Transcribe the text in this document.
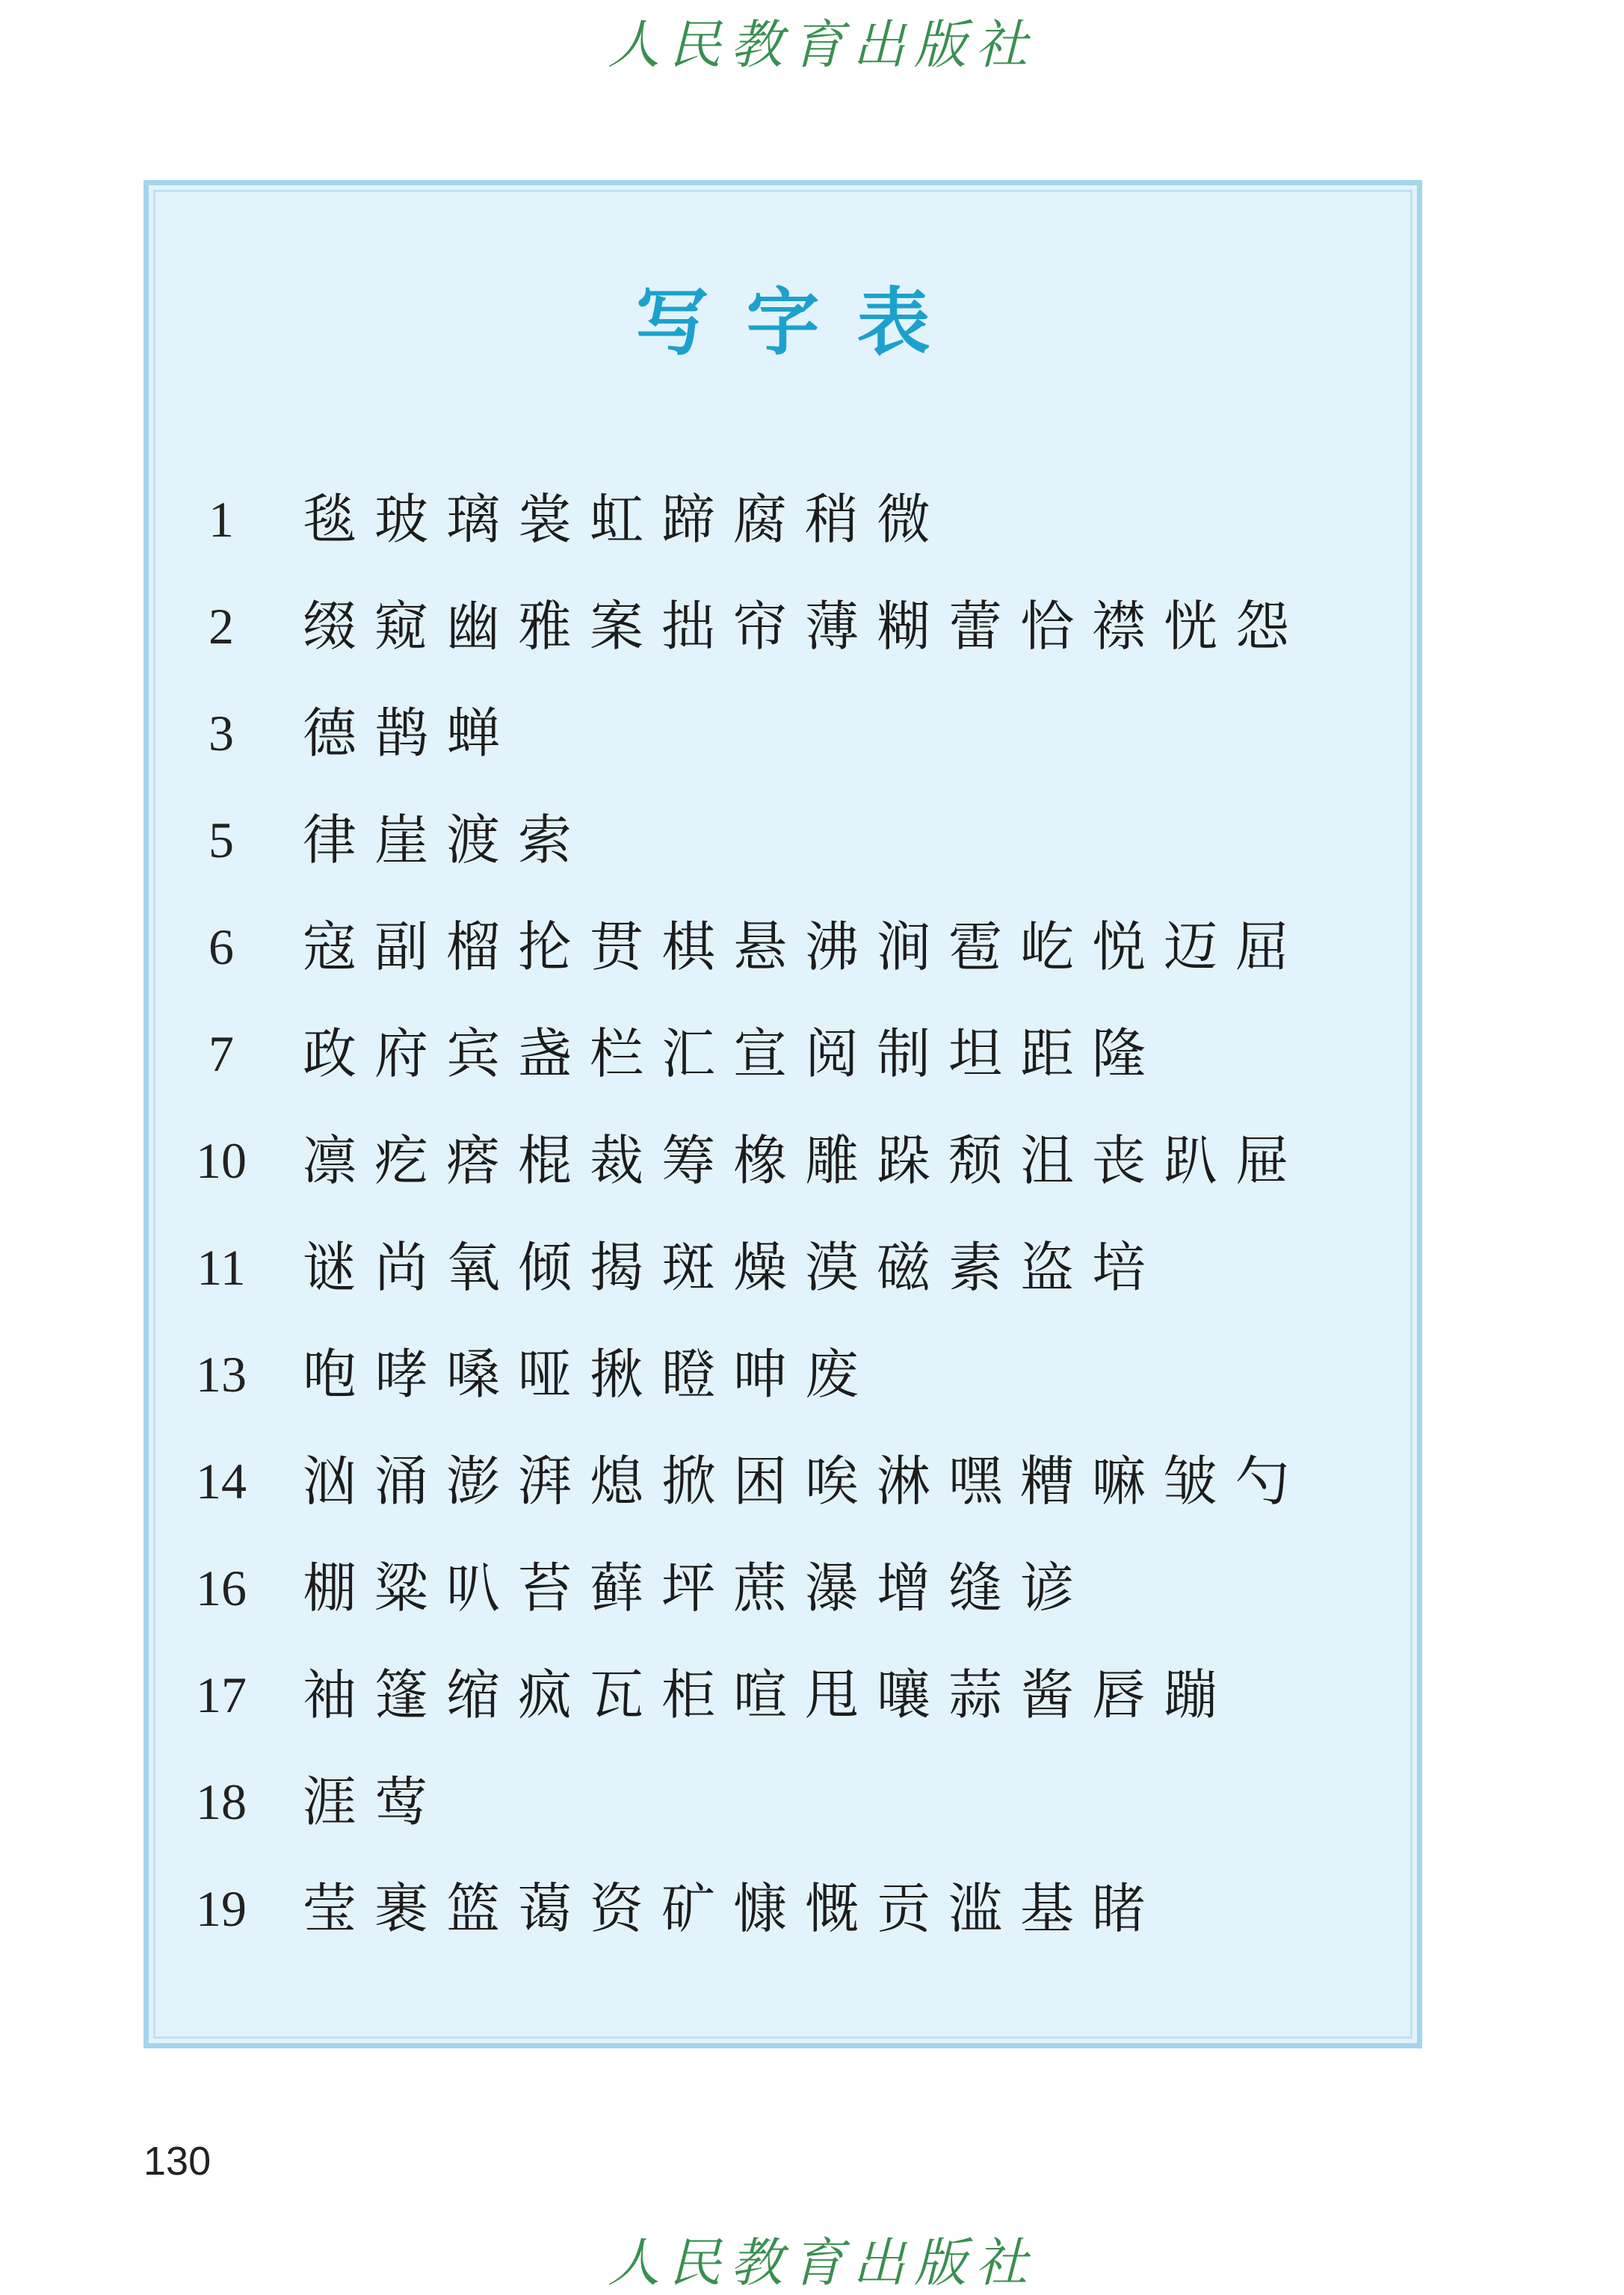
人民教育出版社
写字表
1	毯玻璃裳虹蹄腐稍微
2	缀窥幽雅案拙帘薄糊蕾恰襟恍怨
3	德鹊蝉
5	律崖渡索
6	寇副榴抡贯棋悬沸涧雹屹悦迈屈
7	政府宾盏栏汇宣阅制坦距隆
10 凛疙瘩棍裁筹橡雕跺颓沮丧趴屉
11	谜尚氧倾揭斑燥漠磁素盗培
13 咆哮嗓哑揪瞪呻废
14 汹涌澎湃熄掀困唉淋嘿糟嘛皱勺
16 棚粱叭苔藓坪蔗瀑增缝谚
17 袖篷缩疯瓦柜喧甩嚷蒜酱唇蹦
18 涯莺
19 莹裹篮蔼资矿慷慨贡滥基睹
130
人民教育出版社
